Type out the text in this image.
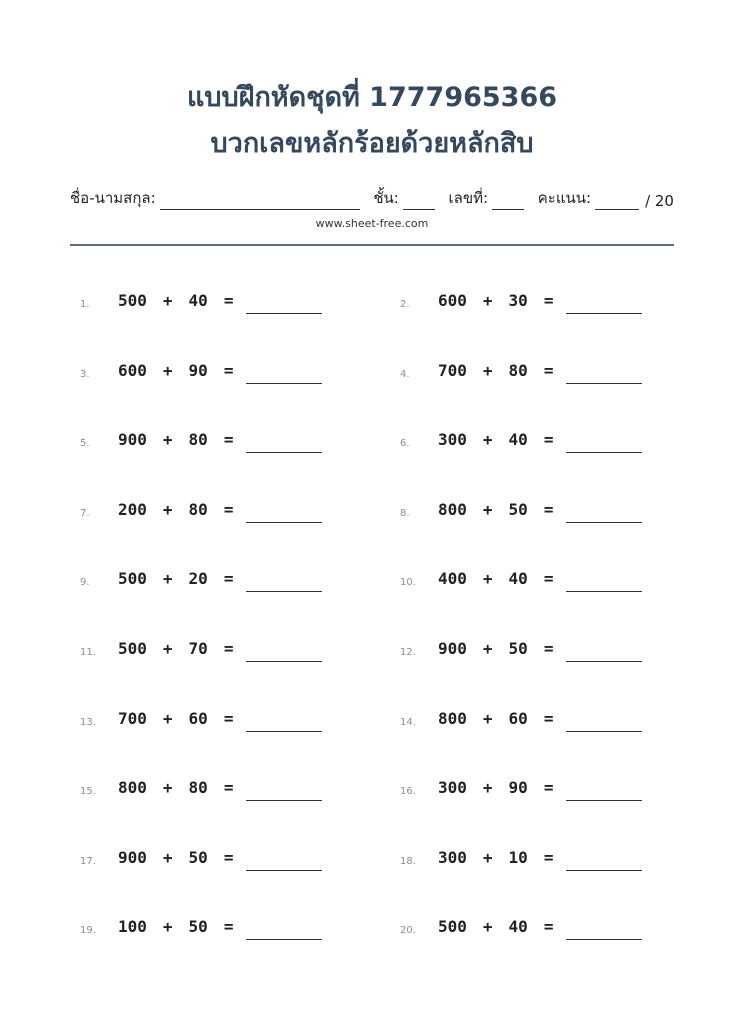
แบบฝึกหัดชุดที่ 1777965366
บวกเลขหลักร้อยด้วยหลักสิบ
ชื่อ-นามสกุล:	ชั้น:	เลขที่:	คะแนน:	/ 20
www.sheet-free.com
1. 500 + 40 =	2. 600 + 30 =
3. 600 + 90 =	4. 700 + 80 =
5. 900 + 80 =	6. 300 + 40 =
7. 200 + 80 =	8. 800 + 50 =
9. 500 + 20 =	10. 400 + 40 =
11. 500 + 70 =	12. 900 + 50 =
13. 700 + 60 =	14. 800 + 60 =
15. 800 + 80 =	16. 300 + 90 =
17. 900 + 50 =	18. 300 + 10 =
19. 100 + 50 =	20. 500 + 40 =
